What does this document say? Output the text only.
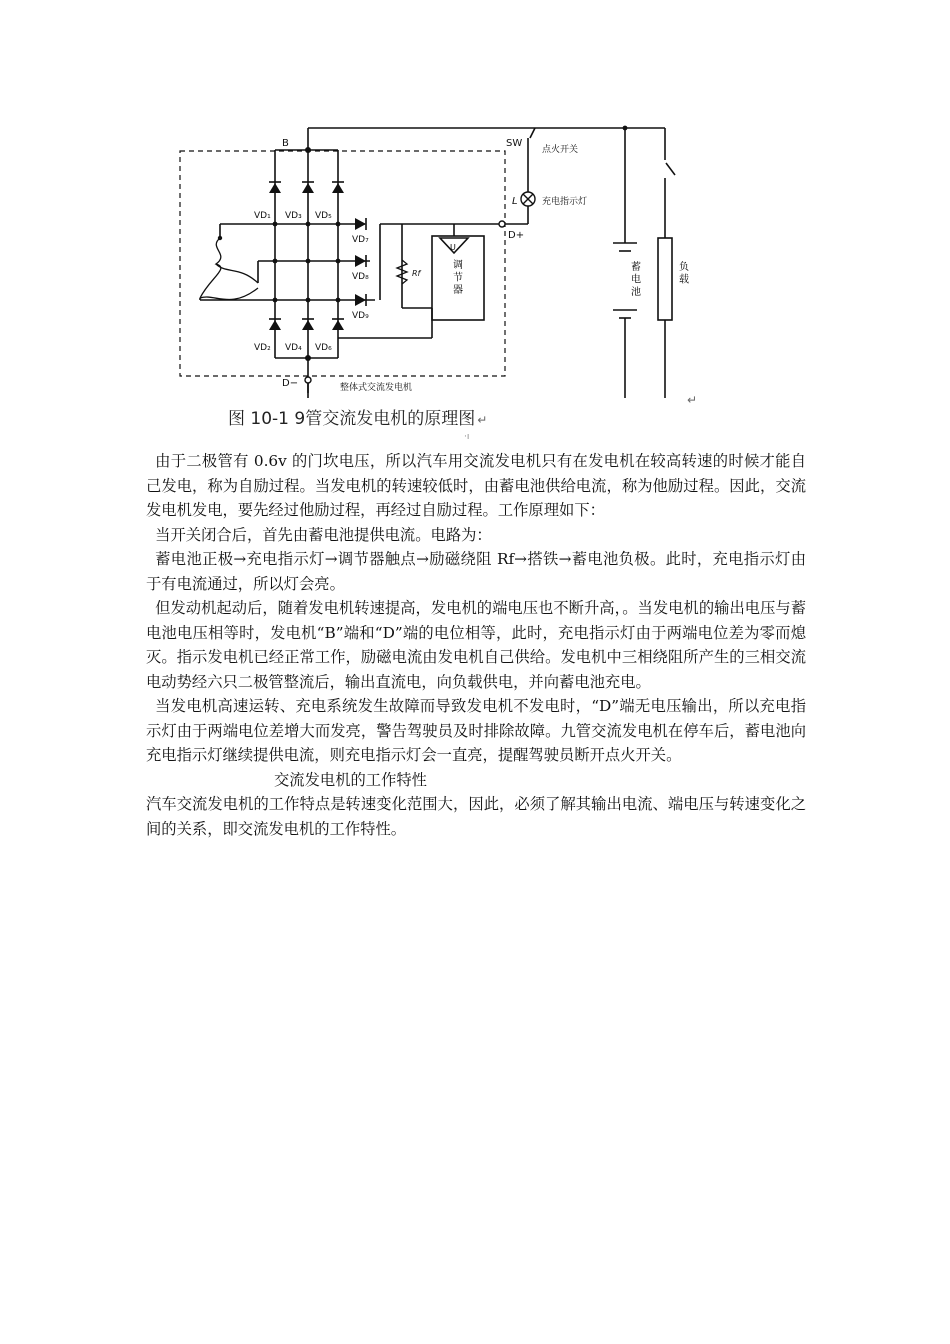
B	SW
点火开关
L	充电指示灯
D+
D−	整体式交流发电机
Rf
U
VD₁ VD₃ VD₅
VD₇
VD₈
VD₉
VD₂ VD₄ VD₆
调节器
蓄电池
负载
图 10-1 9管交流发电机的原理图 ↵
↵
·ı

由于二极管有 0.6v 的门坎电压，所以汽车用交流发电机只有在发电机在较高转速的时候才能自己发电，称为自励过程。当发电机的转速较低时，由蓄电池供给电流，称为他励过程。因此，交流发电机发电，要先经过他励过程，再经过自励过程。工作原理如下：

当开关闭合后，首先由蓄电池提供电流。电路为：

蓄电池正极→充电指示灯→调节器触点→励磁绕阻 Rf→搭铁→蓄电池负极。此时，充电指示灯由于有电流通过，所以灯会亮。

但发动机起动后，随着发电机转速提高，发电机的端电压也不断升高，。当发电机的输出电压与蓄电池电压相等时，发电机“B”端和“D”端的电位相等，此时，充电指示灯由于两端电位差为零而熄灭。指示发电机已经正常工作，励磁电流由发电机自己供给。发电机中三相绕阻所产生的三相交流电动势经六只二极管整流后，输出直流电，向负载供电，并向蓄电池充电。

当发电机高速运转、充电系统发生故障而导致发电机不发电时，“D”端无电压输出，所以充电指示灯由于两端电位差增大而发亮，警告驾驶员及时排除故障。九管交流发电机在停车后，蓄电池向充电指示灯继续提供电流，则充电指示灯会一直亮，提醒驾驶员断开点火开关。

交流发电机的工作特性

汽车交流发电机的工作特点是转速变化范围大，因此，必须了解其输出电流、端电压与转速变化之间的关系，即交流发电机的工作特性。
